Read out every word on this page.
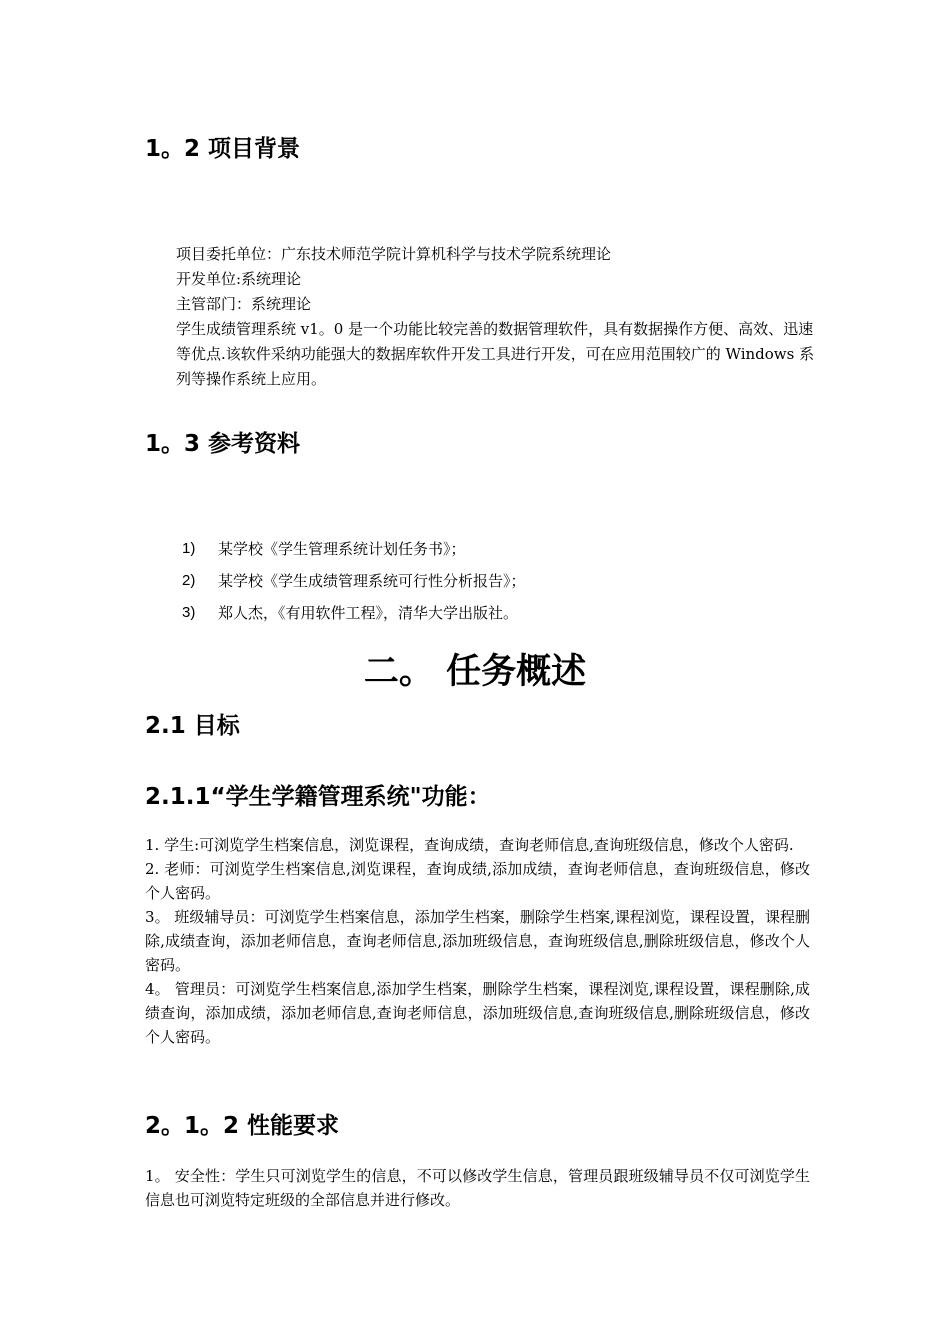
1。2 项目背景

项目委托单位：广东技术师范学院计算机科学与技术学院系统理论

开发单位:系统理论

主管部门：系统理论

学生成绩管理系统 v1。0 是一个功能比较完善的数据管理软件，具有数据操作方便、高效、迅速等优点.该软件采纳功能强大的数据库软件开发工具进行开发，可在应用范围较广的 Windows 系列等操作系统上应用。

1。3 参考资料
1)	某学校《学生管理系统计划任务书》；
2)	某学校《学生成绩管理系统可行性分析报告》；
3)	郑人杰，《有用软件工程》，清华大学出版社。
二。 任务概述
2.1 目标
2.1.1“学生学籍管理系统"功能：

1. 学生:可浏览学生档案信息，浏览课程，查询成绩，查询老师信息,查询班级信息，修改个人密码.

2. 老师：可浏览学生档案信息,浏览课程，查询成绩,添加成绩，查询老师信息，查询班级信息，修改个人密码。

3。 班级辅导员：可浏览学生档案信息，添加学生档案，删除学生档案,课程浏览，课程设置，课程删除,成绩查询，添加老师信息，查询老师信息,添加班级信息，查询班级信息,删除班级信息，修改个人密码。

4。 管理员：可浏览学生档案信息,添加学生档案，删除学生档案，课程浏览,课程设置，课程删除,成绩查询，添加成绩，添加老师信息,查询老师信息，添加班级信息,查询班级信息,删除班级信息，修改个人密码。

2。1。2 性能要求

1。 安全性：学生只可浏览学生的信息，不可以修改学生信息，管理员跟班级辅导员不仅可浏览学生信息也可浏览特定班级的全部信息并进行修改。
